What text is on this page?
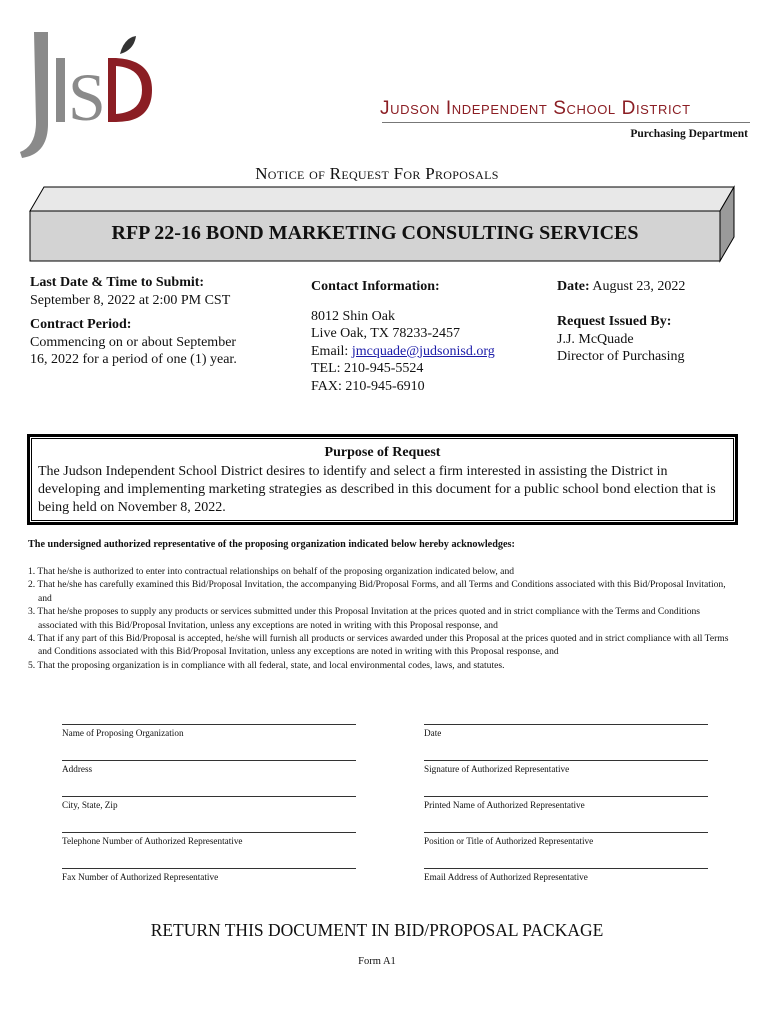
S
JISD
Judson Independent School District
Purchasing Department
Notice of Request For Proposals
RFP 22-16 BOND MARKETING CONSULTING SERVICES
Last Date & Time to Submit:
September 8, 2022 at 2:00 PM CST
Contract Period:
Commencing on or about September
16, 2022 for a period of one (1) year.
Contact Information:
8012 Shin Oak
Live Oak, TX 78233-2457
Email: jmcquade@judsonisd.org
TEL: 210-945-5524
FAX: 210-945-6910
Date: August 23, 2022
Request Issued By:
J.J. McQuade
Director of Purchasing
Purpose of Request
The Judson Independent School District desires to identify and select a firm interested in assisting the District in developing and implementing marketing strategies as described in this document for a public school bond election that is being held on November 8, 2022.
The undersigned authorized representative of the proposing organization indicated below hereby acknowledges:
1. That he/she is authorized to enter into contractual relationships on behalf of the proposing organization indicated below, and
2. That he/she has carefully examined this Bid/Proposal Invitation, the accompanying Bid/Proposal Forms, and all Terms and Conditions associated with this Bid/Proposal Invitation, and
3. That he/she proposes to supply any products or services submitted under this Proposal Invitation at the prices quoted and in strict compliance with the Terms and Conditions associated with this Bid/Proposal Invitation, unless any exceptions are noted in writing with this Proposal response, and
4. That if any part of this Bid/Proposal is accepted, he/she will furnish all products or services awarded under this Proposal at the prices quoted and in strict compliance with all Terms and Conditions associated with this Bid/Proposal Invitation, unless any exceptions are noted in writing with this Proposal response, and
5. That the proposing organization is in compliance with all federal, state, and local environmental codes, laws, and statutes.
Name of Proposing Organization
Address
City, State, Zip
Telephone Number of Authorized Representative
Fax Number of Authorized Representative
Date
Signature of Authorized Representative
Printed Name of Authorized Representative
Position or Title of Authorized Representative
Email Address of Authorized Representative
RETURN THIS DOCUMENT IN BID/PROPOSAL PACKAGE
Form A1
